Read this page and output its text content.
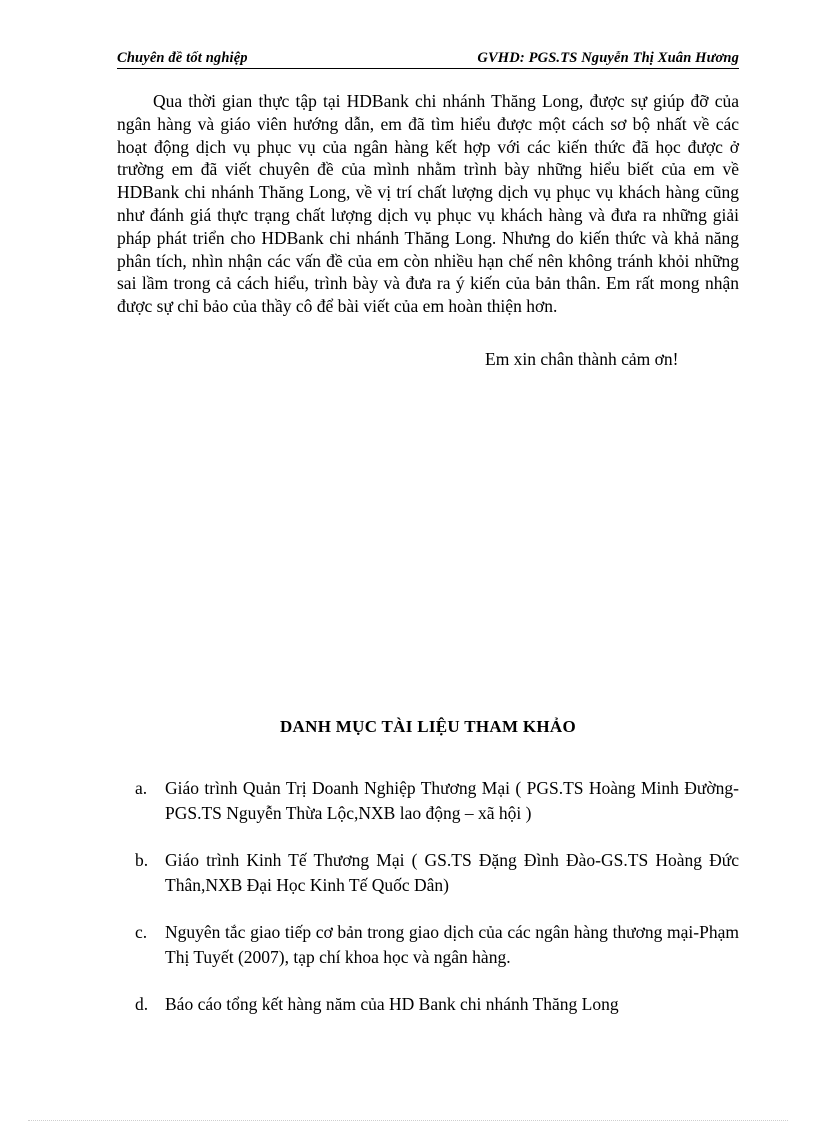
Chuyên đề tốt nghiệp	GVHD: PGS.TS Nguyễn Thị Xuân Hương

Qua thời gian thực tập tại HDBank chi nhánh Thăng Long, được sự giúp đỡ của ngân hàng và giáo viên hướng dẫn, em đã tìm hiểu được một cách sơ bộ nhất về các hoạt động dịch vụ phục vụ của ngân hàng kết hợp với các kiến thức đã học được ở trường em đã viết chuyên đề của mình nhằm trình bày những hiểu biết của em về HDBank chi nhánh Thăng Long, về vị trí chất lượng dịch vụ phục vụ khách hàng cũng như đánh giá thực trạng chất lượng dịch vụ phục vụ khách hàng và đưa ra những giải pháp phát triển cho HDBank chi nhánh Thăng Long. Nhưng do kiến thức và khả năng phân tích, nhìn nhận các vấn đề của em còn nhiều hạn chế nên không tránh khỏi những sai lầm trong cả cách hiểu, trình bày và đưa ra ý kiến của bản thân. Em rất mong nhận được sự chỉ bảo của thầy cô để bài viết của em hoàn thiện hơn.

Em xin chân thành cảm ơn!
DANH MỤC TÀI LIỆU THAM KHẢO
a. Giáo trình Quản Trị Doanh Nghiệp Thương Mại ( PGS.TS Hoàng Minh Đường-PGS.TS Nguyễn Thừa Lộc,NXB lao động – xã hội )
b. Giáo trình Kinh Tế Thương Mại ( GS.TS Đặng Đình Đào-GS.TS Hoàng Đức Thân,NXB Đại Học Kinh Tế Quốc Dân)
c. Nguyên tắc giao tiếp cơ bản trong giao dịch của các ngân hàng thương mại-Phạm Thị Tuyết (2007), tạp chí khoa học và ngân hàng.
d. Báo cáo tổng kết hàng năm của HD Bank chi nhánh Thăng Long
